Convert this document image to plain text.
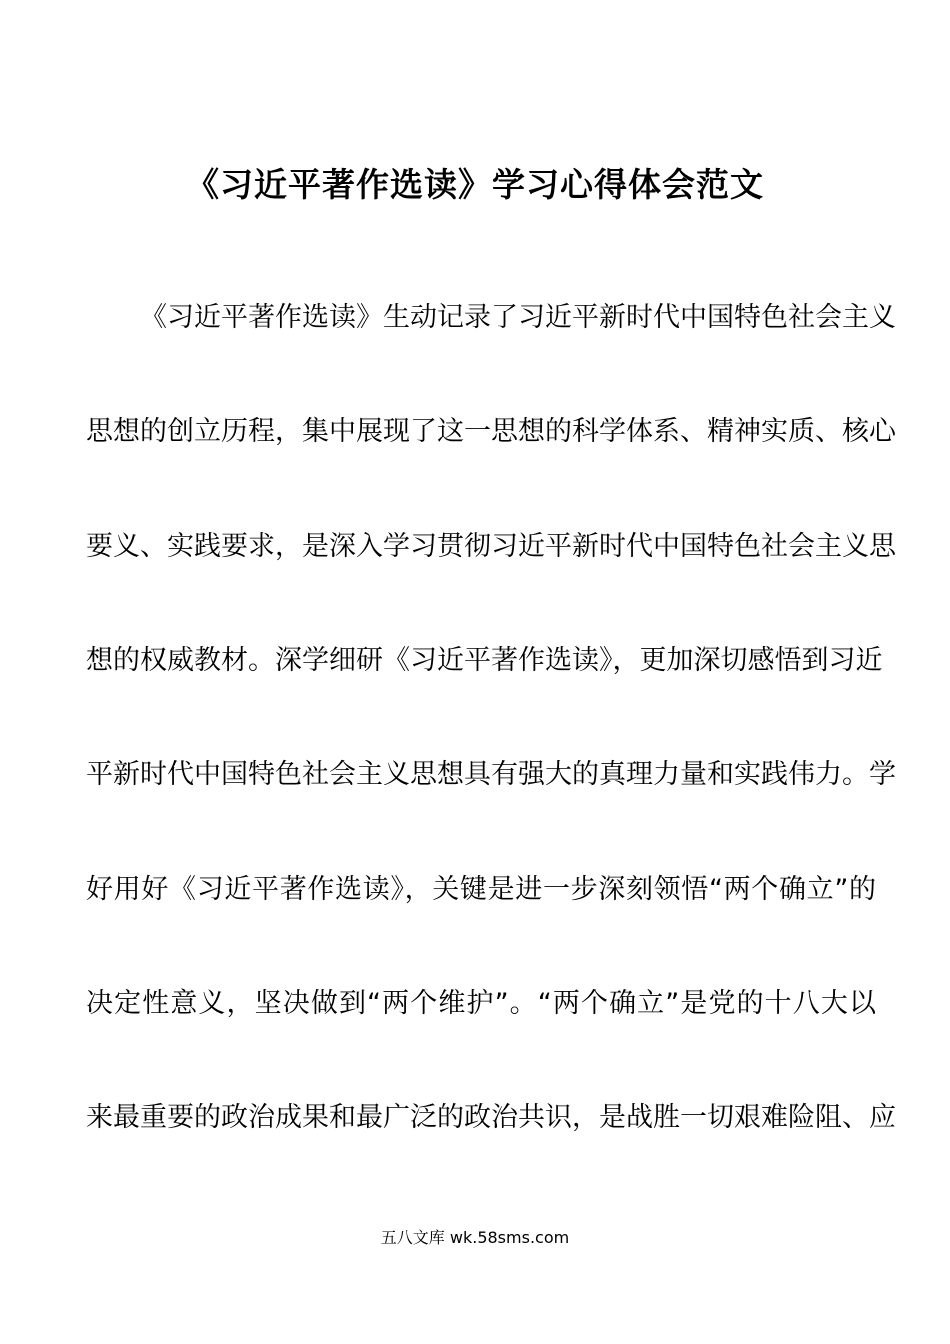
《习近平著作选读》学习心得体会范文

《习近平著作选读》生动记录了习近平新时代中国特色社会主义

思想的创立历程，集中展现了这一思想的科学体系、精神实质、核心

要义、实践要求，是深入学习贯彻习近平新时代中国特色社会主义思

想的权威教材。深学细研《习近平著作选读》，更加深切感悟到习近

平新时代中国特色社会主义思想具有强大的真理力量和实践伟力。学

好用好《习近平著作选读》，关键是进一步深刻领悟“两个确立”的

决定性意义，坚决做到“两个维护”。“两个确立”是党的十八大以

来最重要的政治成果和最广泛的政治共识，是战胜一切艰难险阻、应

五八文库 wk.58sms.com
